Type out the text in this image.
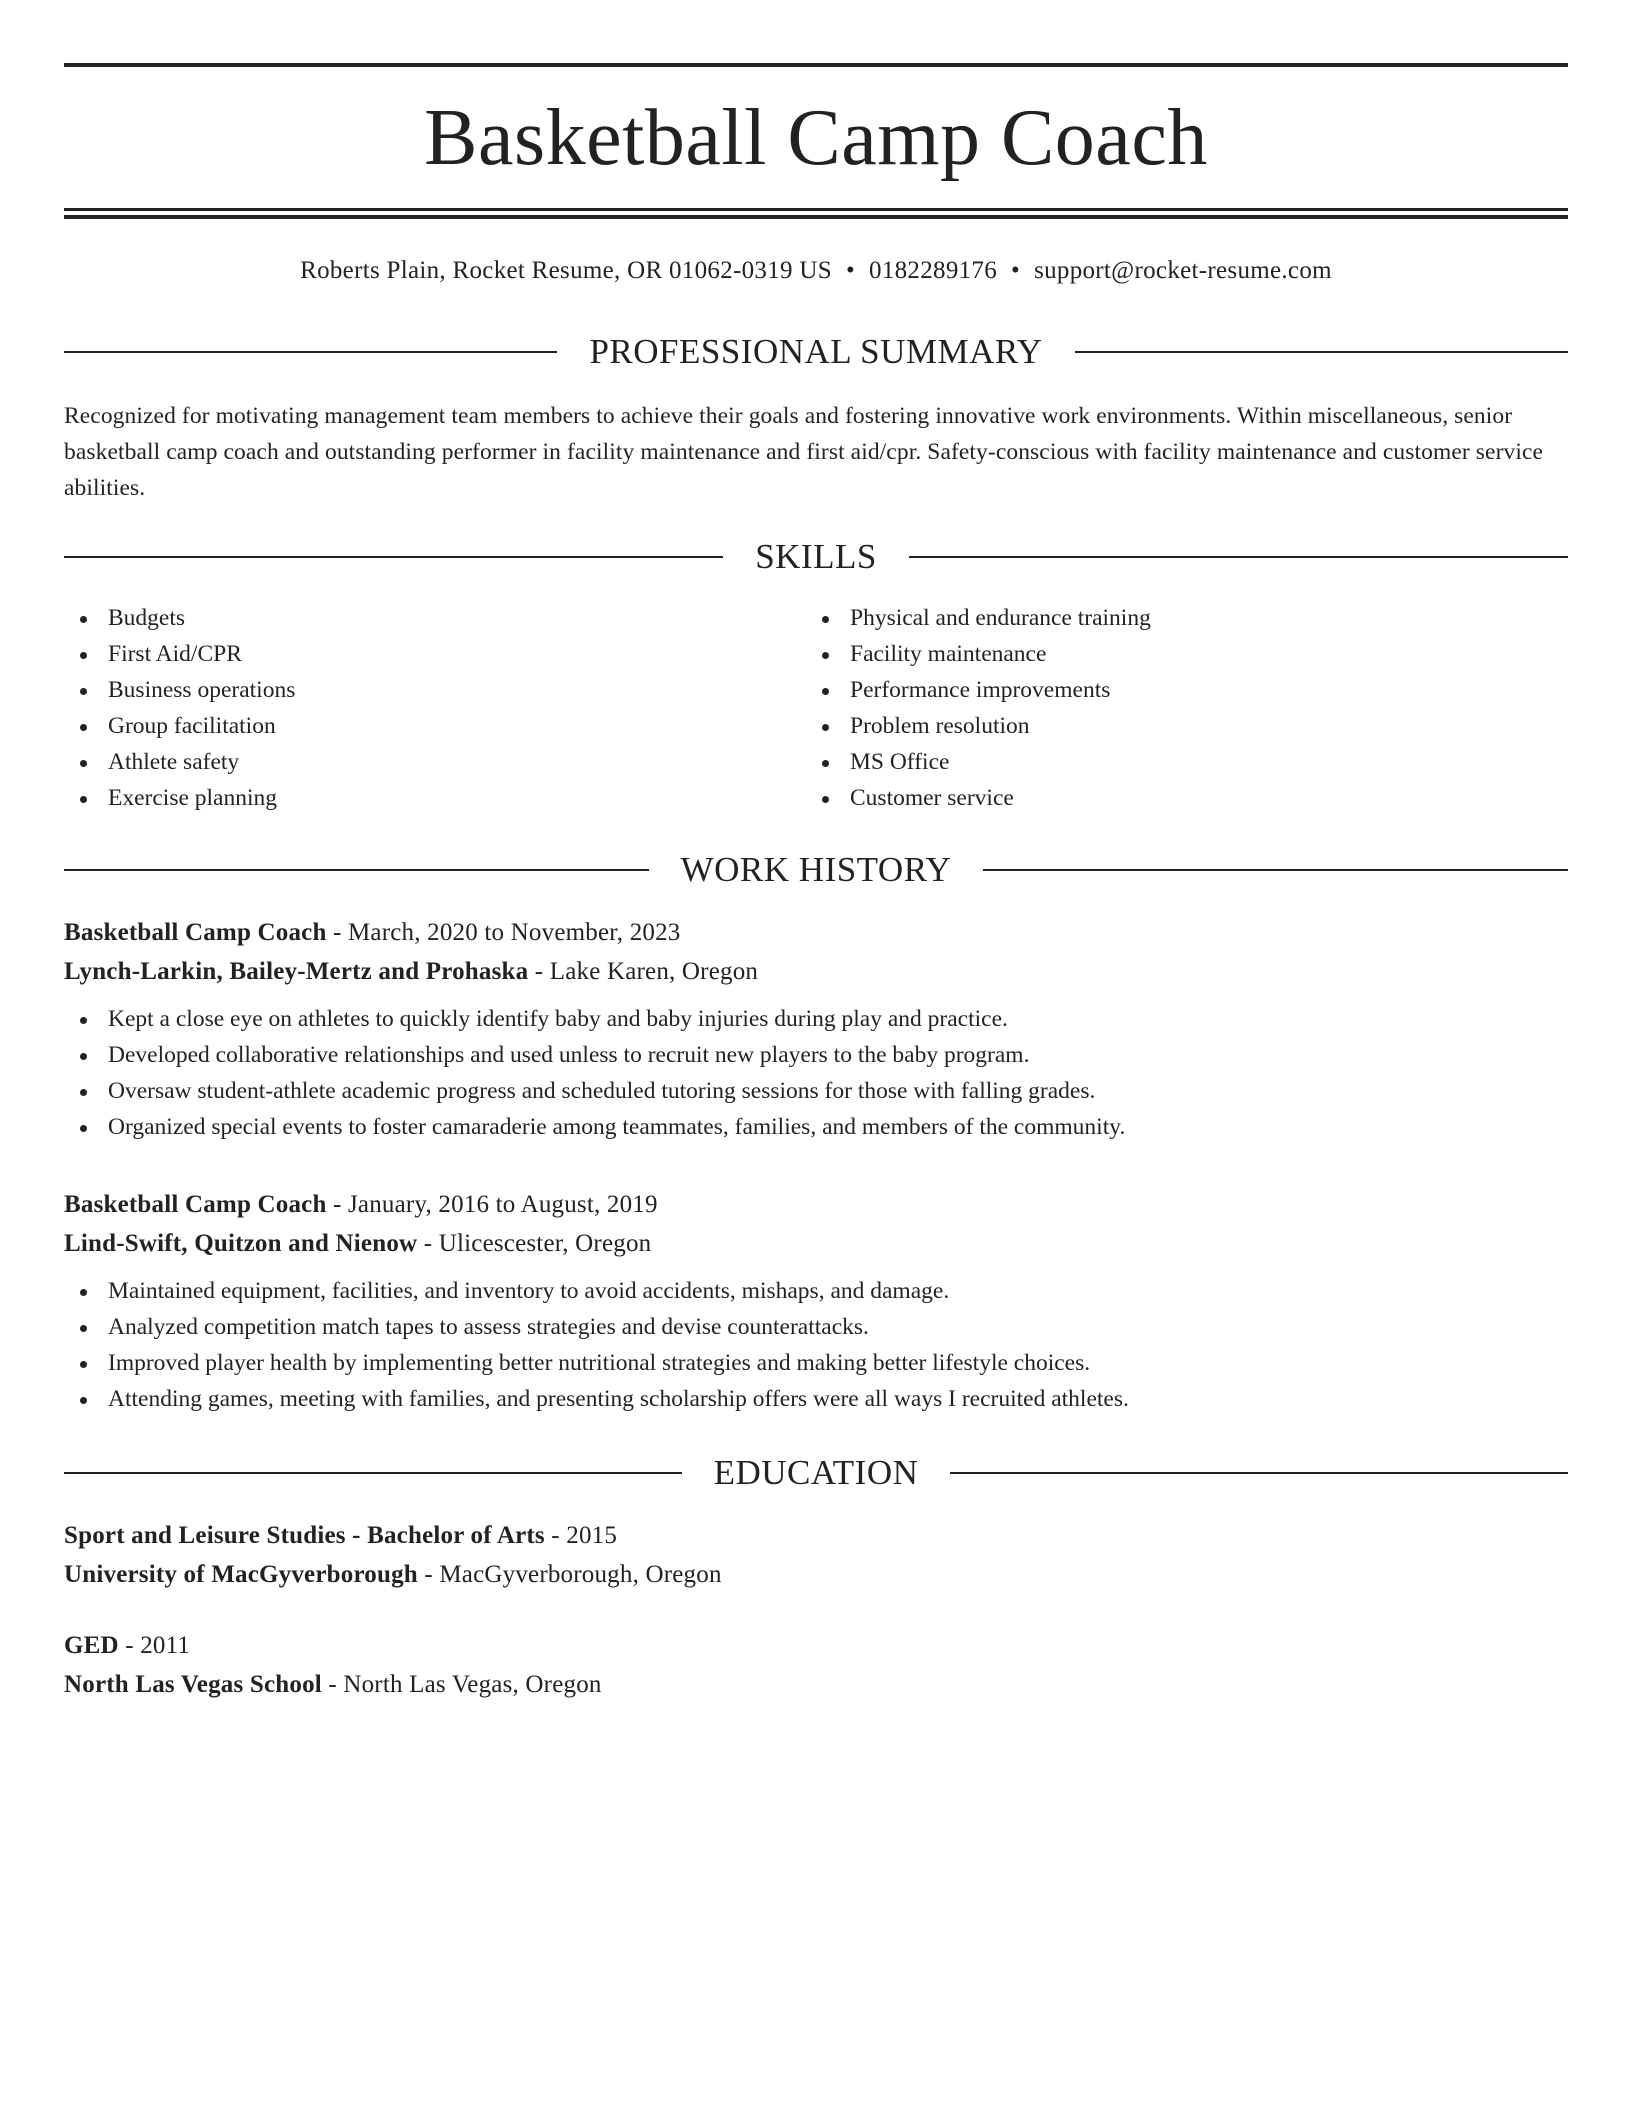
Basketball Camp Coach
Roberts Plain, Rocket Resume, OR 01062-0319 US • 0182289176 • support@rocket-resume.com
PROFESSIONAL SUMMARY
Recognized for motivating management team members to achieve their goals and fostering innovative work environments. Within miscellaneous, senior basketball camp coach and outstanding performer in facility maintenance and first aid/cpr. Safety-conscious with facility maintenance and customer service abilities.
SKILLS
Budgets
First Aid/CPR
Business operations
Group facilitation
Athlete safety
Exercise planning
Physical and endurance training
Facility maintenance
Performance improvements
Problem resolution
MS Office
Customer service
WORK HISTORY
Basketball Camp Coach - March, 2020 to November, 2023
Lynch-Larkin, Bailey-Mertz and Prohaska - Lake Karen, Oregon
Kept a close eye on athletes to quickly identify baby and baby injuries during play and practice.
Developed collaborative relationships and used unless to recruit new players to the baby program.
Oversaw student-athlete academic progress and scheduled tutoring sessions for those with falling grades.
Organized special events to foster camaraderie among teammates, families, and members of the community.
Basketball Camp Coach - January, 2016 to August, 2019
Lind-Swift, Quitzon and Nienow - Ulicescester, Oregon
Maintained equipment, facilities, and inventory to avoid accidents, mishaps, and damage.
Analyzed competition match tapes to assess strategies and devise counterattacks.
Improved player health by implementing better nutritional strategies and making better lifestyle choices.
Attending games, meeting with families, and presenting scholarship offers were all ways I recruited athletes.
EDUCATION
Sport and Leisure Studies - Bachelor of Arts - 2015
University of MacGyverborough - MacGyverborough, Oregon
GED - 2011
North Las Vegas School - North Las Vegas, Oregon
